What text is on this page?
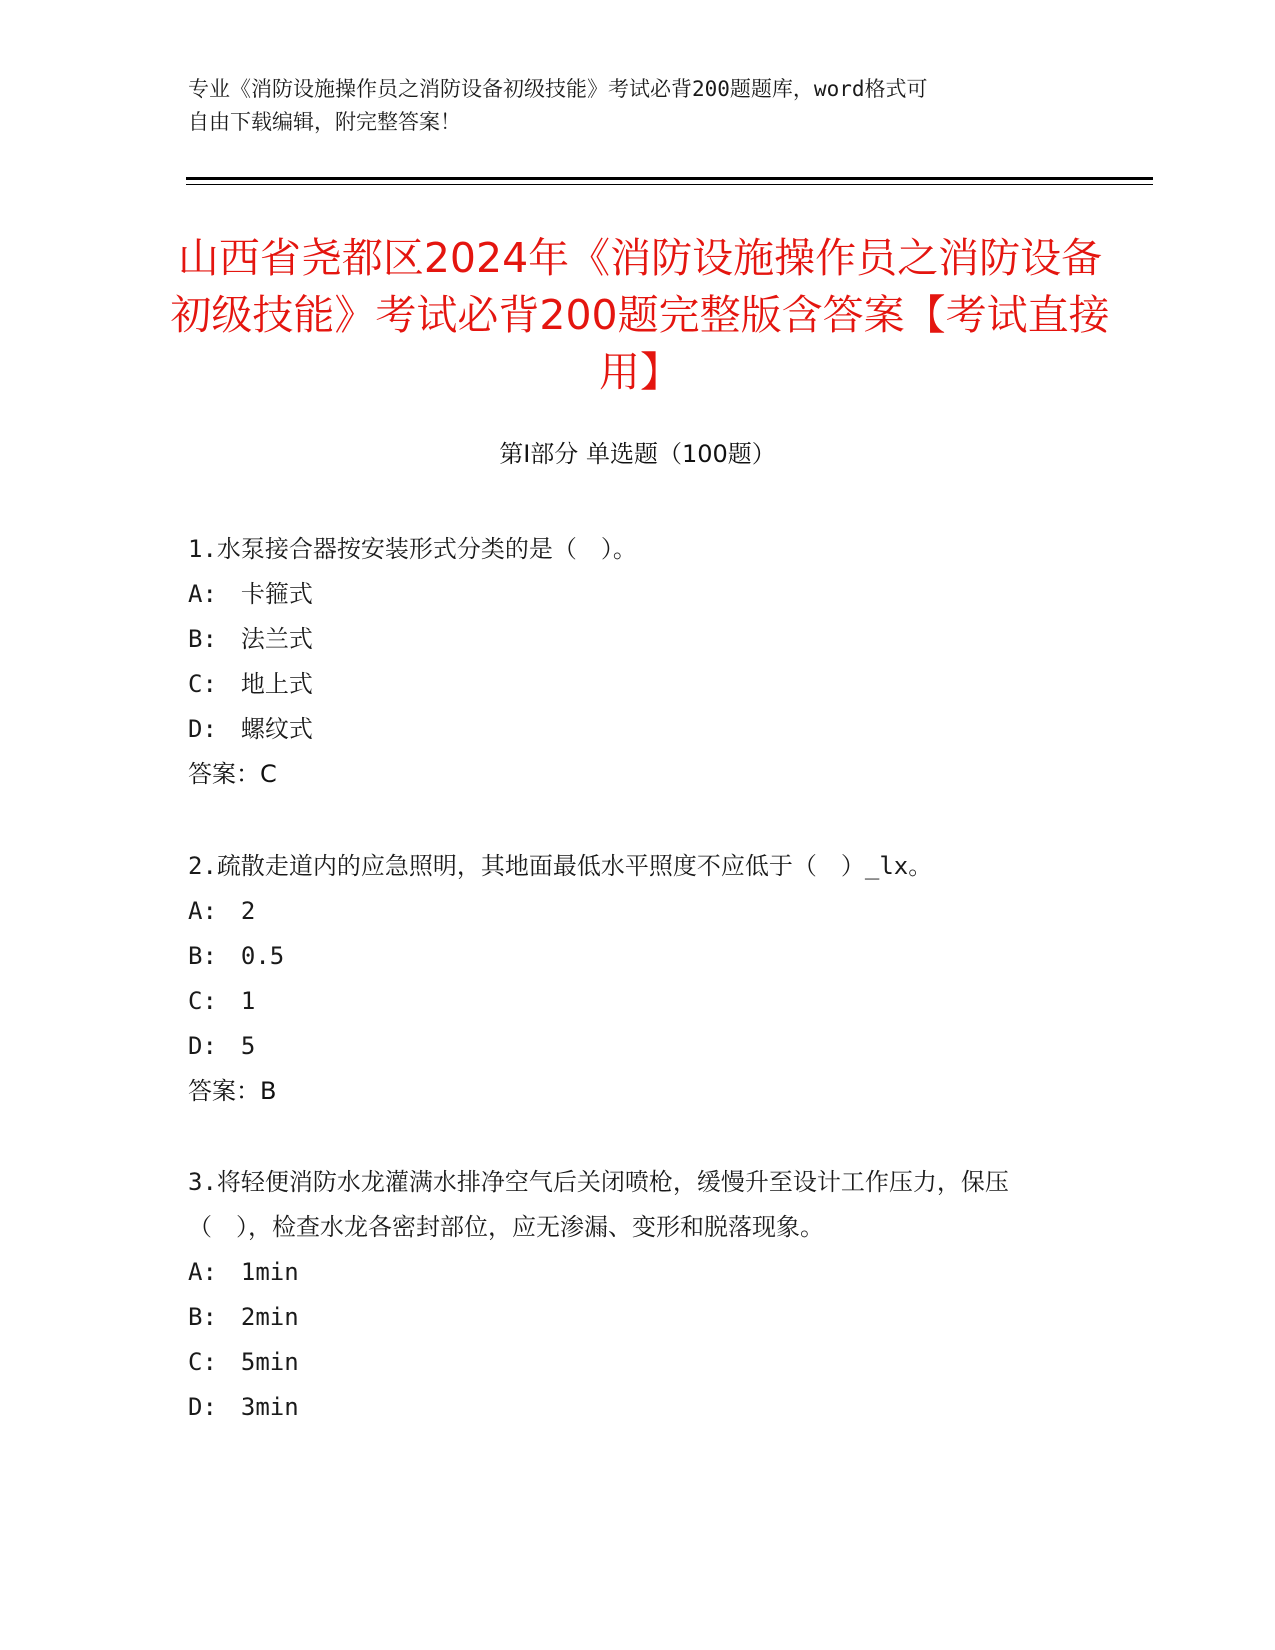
专业《消防设施操作员之消防设备初级技能》考试必背200题题库，word格式可
自由下载编辑，附完整答案！
山西省尧都区2024年《消防设施操作员之消防设备初级技能》考试必背200题完整版含答案【考试直接用】
第Ⅰ部分 单选题（100题）
1.水泵接合器按安装形式分类的是（　）。
A:　卡箍式
B:　法兰式
C:　地上式
D:　螺纹式
答案：C
2.疏散走道内的应急照明，其地面最低水平照度不应低于（　）_lx。
A:　2
B:　0.5
C:　1
D:　5
答案：B
3.将轻便消防水龙灌满水排净空气后关闭喷枪，缓慢升至设计工作压力，保压（　），检查水龙各密封部位，应无渗漏、变形和脱落现象。
A:　1min
B:　2min
C:　5min
D:　3min
